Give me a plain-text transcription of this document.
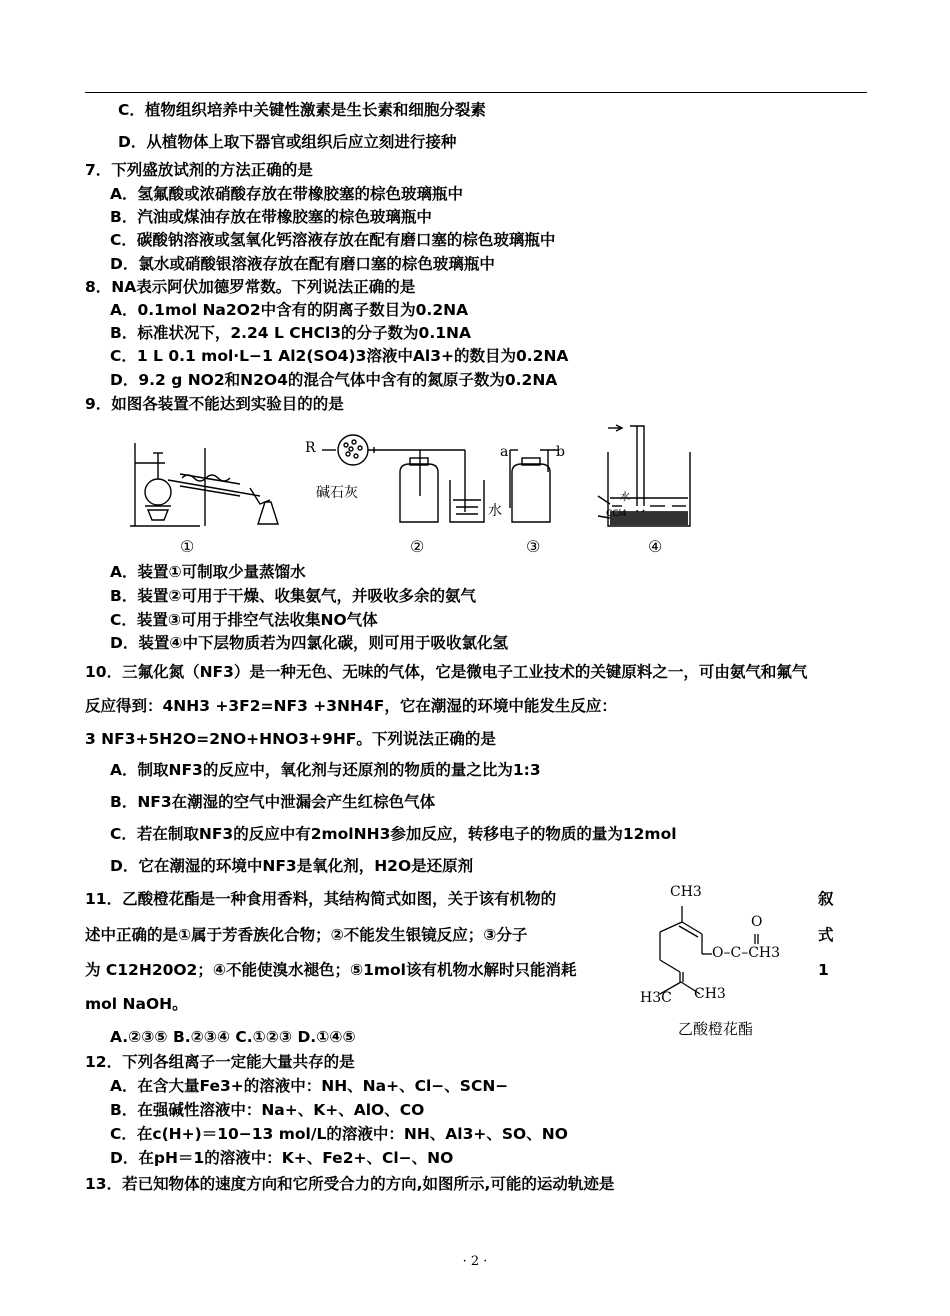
C．植物组织培养中关键性激素是生长素和细胞分裂素
D．从植物体上取下器官或组织后应立刻进行接种
7．下列盛放试剂的方法正确的是
A．氢氟酸或浓硝酸存放在带橡胶塞的棕色玻璃瓶中
B．汽油或煤油存放在带橡胶塞的棕色玻璃瓶中
C．碳酸钠溶液或氢氧化钙溶液存放在配有磨口塞的棕色玻璃瓶中
D．氯水或硝酸银溶液存放在配有磨口塞的棕色玻璃瓶中
8．NA表示阿伏加德罗常数。下列说法正确的是
A．0.1mol Na2O2中含有的阴离子数目为0.2NA
B．标准状况下，2.24 L CHCl3的分子数为0.1NA
C．1 L 0.1 mol·L−1 Al2(SO4)3溶液中Al3+的数目为0.2NA
D．9.2 g NO2和N2O4的混合气体中含有的氮原子数为0.2NA
9．如图各装置不能达到实验目的的是
R
碱石灰
水
a	b
水
CCl4
①	②	③	④
A．装置①可制取少量蒸馏水
B．装置②可用于干燥、收集氨气，并吸收多余的氨气
C．装置③可用于排空气法收集NO气体
D．装置④中下层物质若为四氯化碳，则可用于吸收氯化氢
10．三氟化氮（NF3）是一种无色、无味的气体，它是微电子工业技术的关键原料之一，可由氨气和氟气
反应得到：4NH3 +3F2=NF3 +3NH4F，它在潮湿的环境中能发生反应：
3 NF3+5H2O=2NO+HNO3+9HF。下列说法正确的是
A．制取NF3的反应中，氧化剂与还原剂的物质的量之比为1:3
B．NF3在潮湿的空气中泄漏会产生红棕色气体
C．若在制取NF3的反应中有2molNH3参加反应，转移电子的物质的量为12mol
D．它在潮湿的环境中NF3是氧化剂，H2O是还原剂
11．乙酸橙花酯是一种食用香料，其结构简式如图，关于该有机物的	叙
述中正确的是①属于芳香族化合物；②不能发生银镜反应；③分子	式
为 C12H20O2；④不能使溴水褪色；⑤1mol该有机物水解时只能消耗	1
mol NaOH。
A.②③⑤ B.②③④ C.①②③ D.①④⑤
CH3
O
O–C–CH3
H3C CH3
乙酸橙花酯
12．下列各组离子一定能大量共存的是
A．在含大量Fe3+的溶液中：NH、Na+、Cl−、SCN−
B．在强碱性溶液中：Na+、K+、AlO、CO
C．在c(H+)＝10−13 mol/L的溶液中：NH、Al3+、SO、NO
D．在pH＝1的溶液中：K+、Fe2+、Cl−、NO
13．若已知物体的速度方向和它所受合力的方向,如图所示,可能的运动轨迹是
· 2 ·
